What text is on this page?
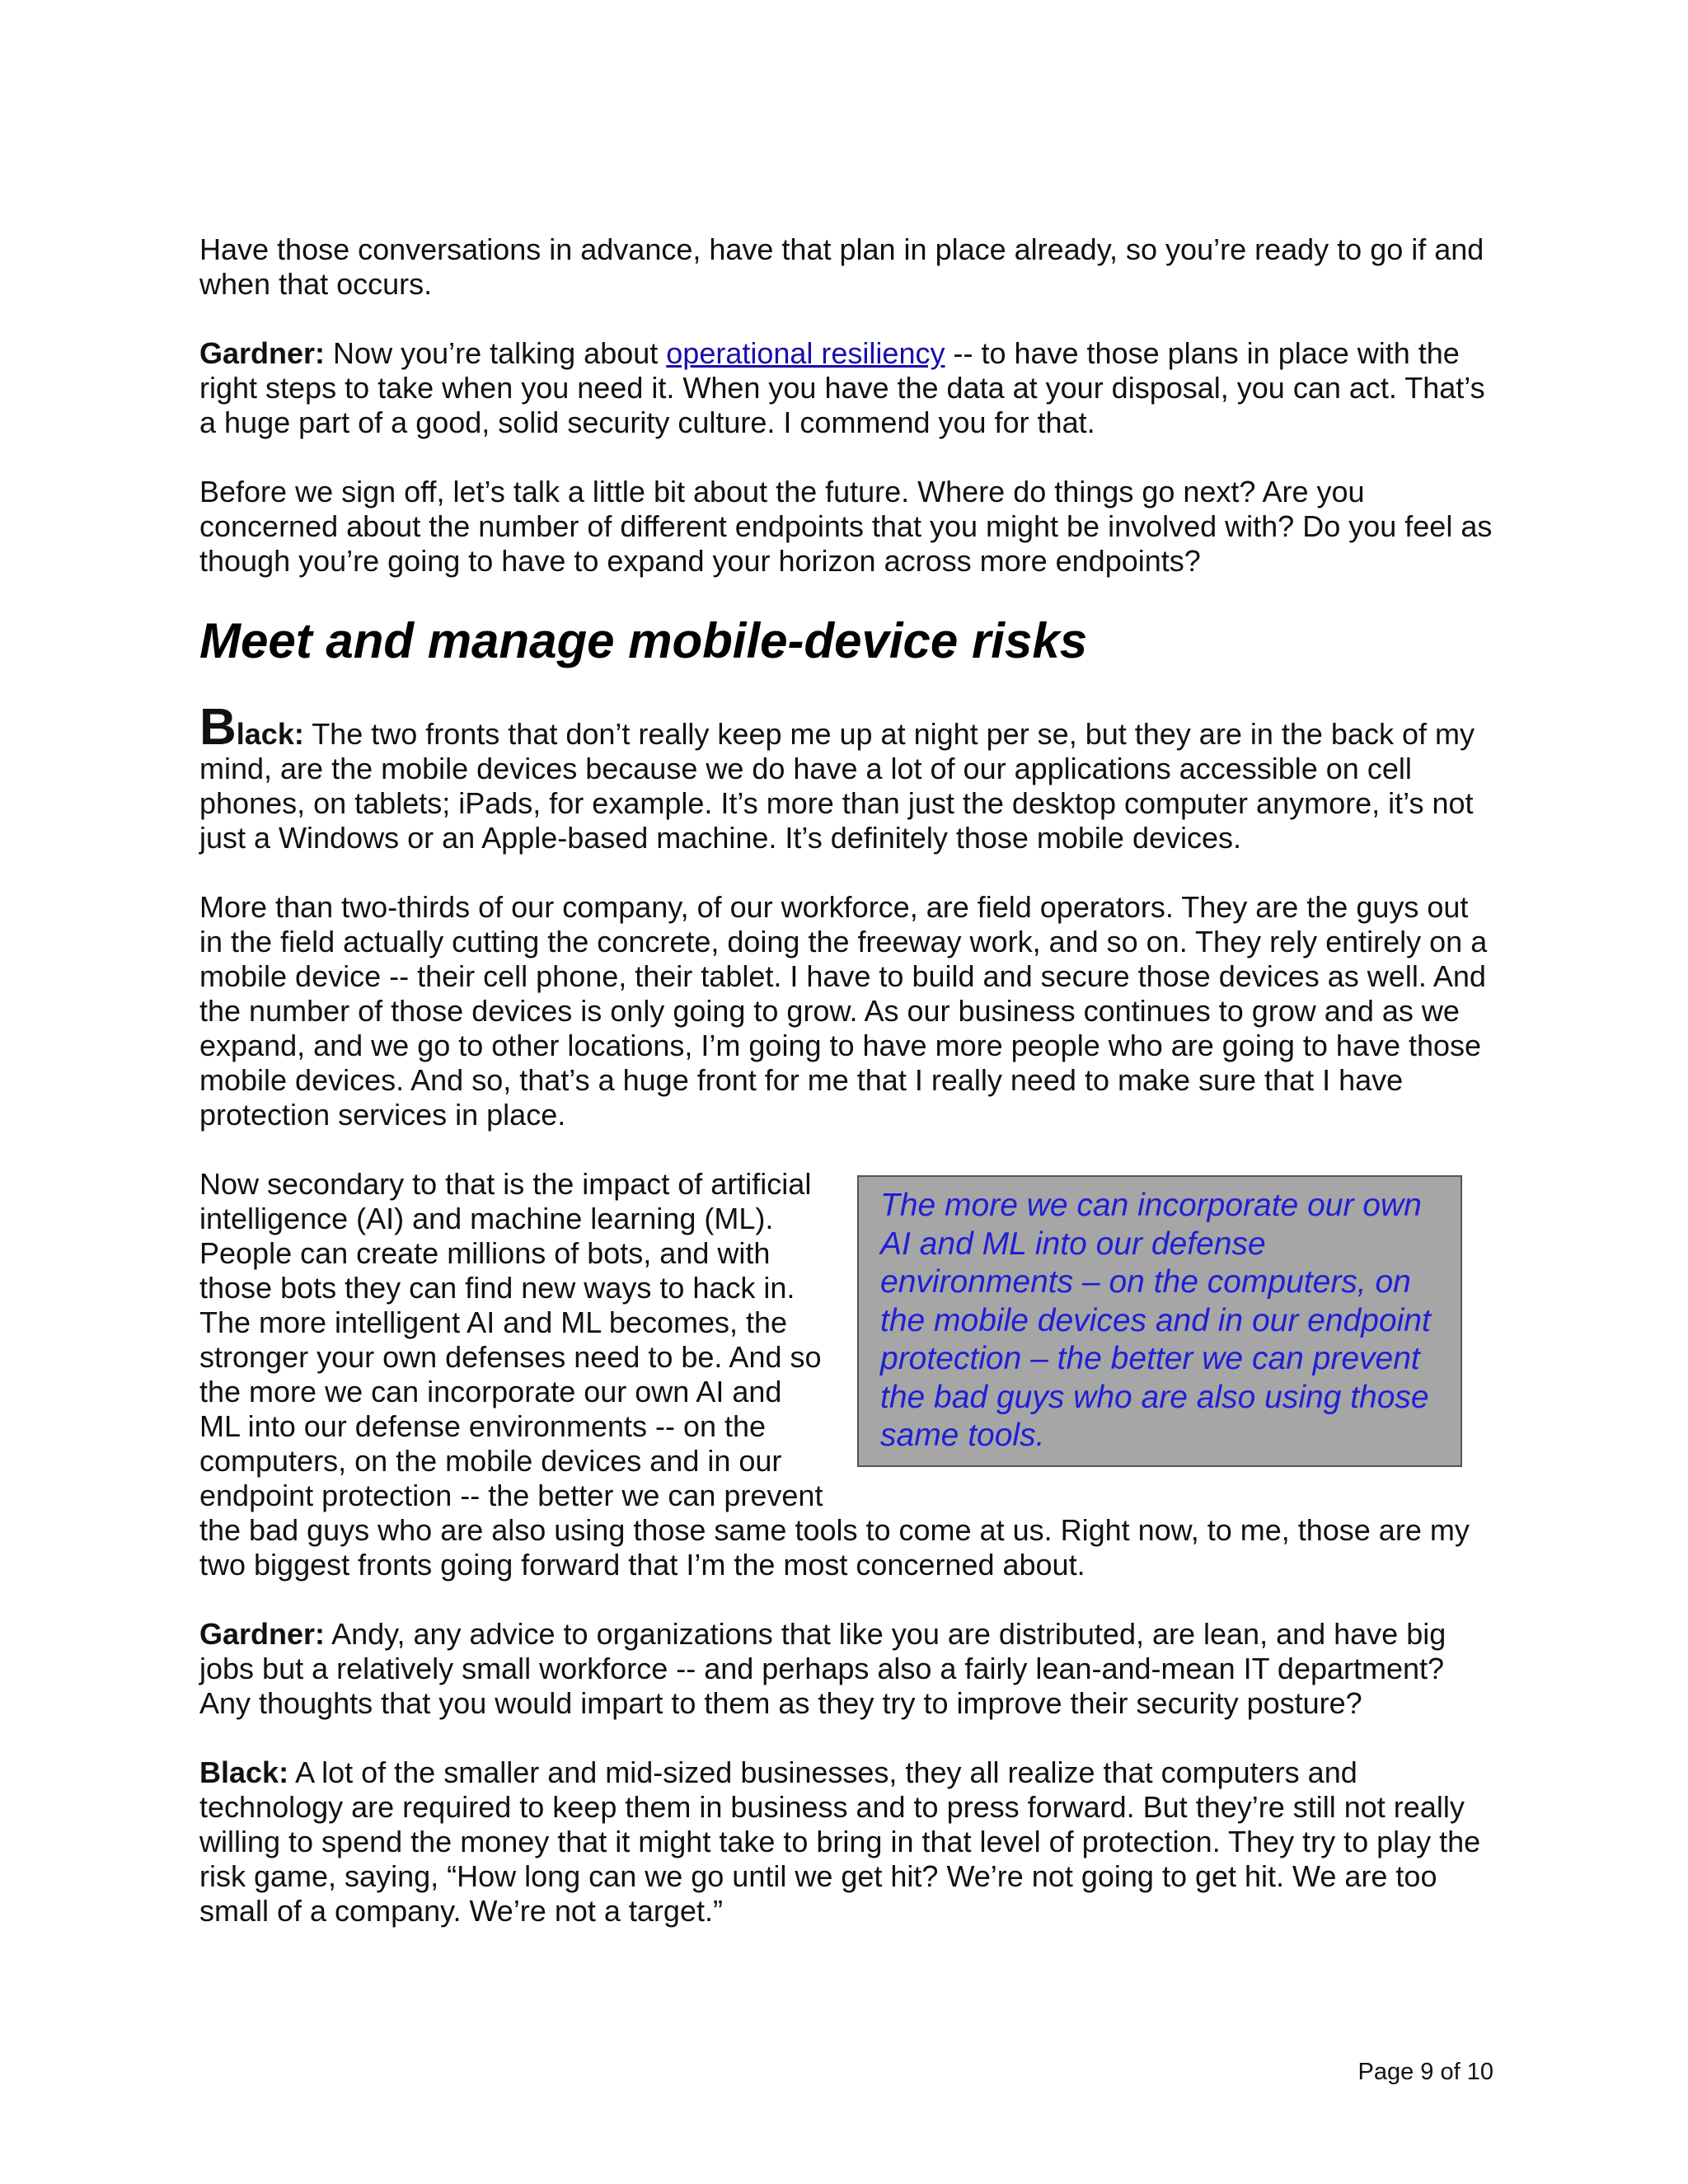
Have those conversations in advance, have that plan in place already, so you’re ready to go if and when that occurs.

Gardner: Now you’re talking about operational resiliency -- to have those plans in place with the right steps to take when you need it. When you have the data at your disposal, you can act. That’s a huge part of a good, solid security culture. I commend you for that.

Before we sign off, let’s talk a little bit about the future. Where do things go next? Are you concerned about the number of different endpoints that you might be involved with? Do you feel as though you’re going to have to expand your horizon across more endpoints?

Meet and manage mobile-device risks

Black: The two fronts that don’t really keep me up at night per se, but they are in the back of my mind, are the mobile devices because we do have a lot of our applications accessible on cell phones, on tablets; iPads, for example. It’s more than just the desktop computer anymore, it’s not just a Windows or an Apple-based machine. It’s definitely those mobile devices.

More than two-thirds of our company, of our workforce, are field operators. They are the guys out in the field actually cutting the concrete, doing the freeway work, and so on. They rely entirely on a mobile device -- their cell phone, their tablet. I have to build and secure those devices as well. And the number of those devices is only going to grow. As our business continues to grow and as we expand, and we go to other locations, I’m going to have more people who are going to have those mobile devices. And so, that’s a huge front for me that I really need to make sure that I have protection services in place.

The more we can incorporate our own AI and ML into our defense environments – on the computers, on the mobile devices and in our endpoint protection – the better we can prevent the bad guys who are also using those same tools.

Now secondary to that is the impact of artificial intelligence (AI) and machine learning (ML). People can create millions of bots, and with those bots they can find new ways to hack in. The more intelligent AI and ML becomes, the stronger your own defenses need to be. And so the more we can incorporate our own AI and ML into our defense environments -- on the computers, on the mobile devices and in our endpoint protection -- the better we can prevent the bad guys who are also using those same tools to come at us. Right now, to me, those are my two biggest fronts going forward that I’m the most concerned about.

Gardner: Andy, any advice to organizations that like you are distributed, are lean, and have big jobs but a relatively small workforce -- and perhaps also a fairly lean-and-mean IT department? Any thoughts that you would impart to them as they try to improve their security posture?

Black: A lot of the smaller and mid-sized businesses, they all realize that computers and technology are required to keep them in business and to press forward. But they’re still not really willing to spend the money that it might take to bring in that level of protection. They try to play the risk game, saying, “How long can we go until we get hit? We’re not going to get hit. We are too small of a company. We’re not a target.”

Page 9 of 10
